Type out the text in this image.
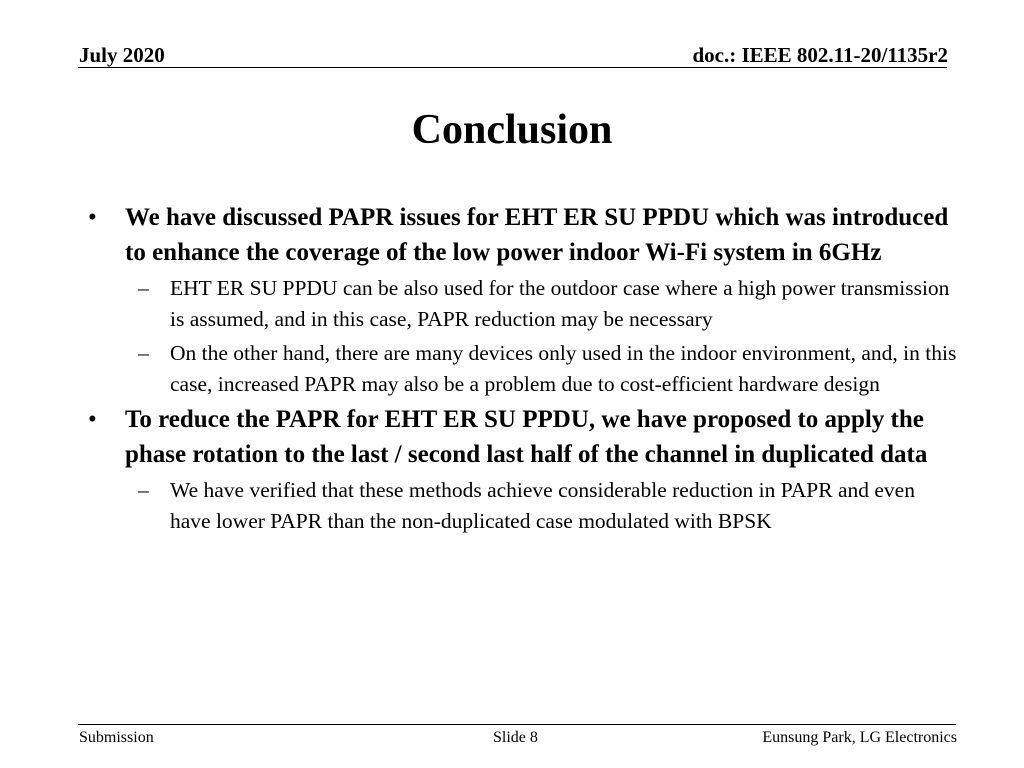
July 2020	doc.: IEEE 802.11-20/1135r2
Conclusion
• We have discussed PAPR issues for EHT ER SU PPDU which was introduced to enhance the coverage of the low power indoor Wi-Fi system in 6GHz
– EHT ER SU PPDU can be also used for the outdoor case where a high power transmission is assumed, and in this case, PAPR reduction may be necessary
– On the other hand, there are many devices only used in the indoor environment, and, in this case, increased PAPR may also be a problem due to cost-efficient hardware design
• To reduce the PAPR for EHT ER SU PPDU, we have proposed to apply the phase rotation to the last / second last half of the channel in duplicated data
– We have verified that these methods achieve considerable reduction in PAPR and even have lower PAPR than the non-duplicated case modulated with BPSK
Submission	Slide 8	Eunsung Park, LG Electronics
